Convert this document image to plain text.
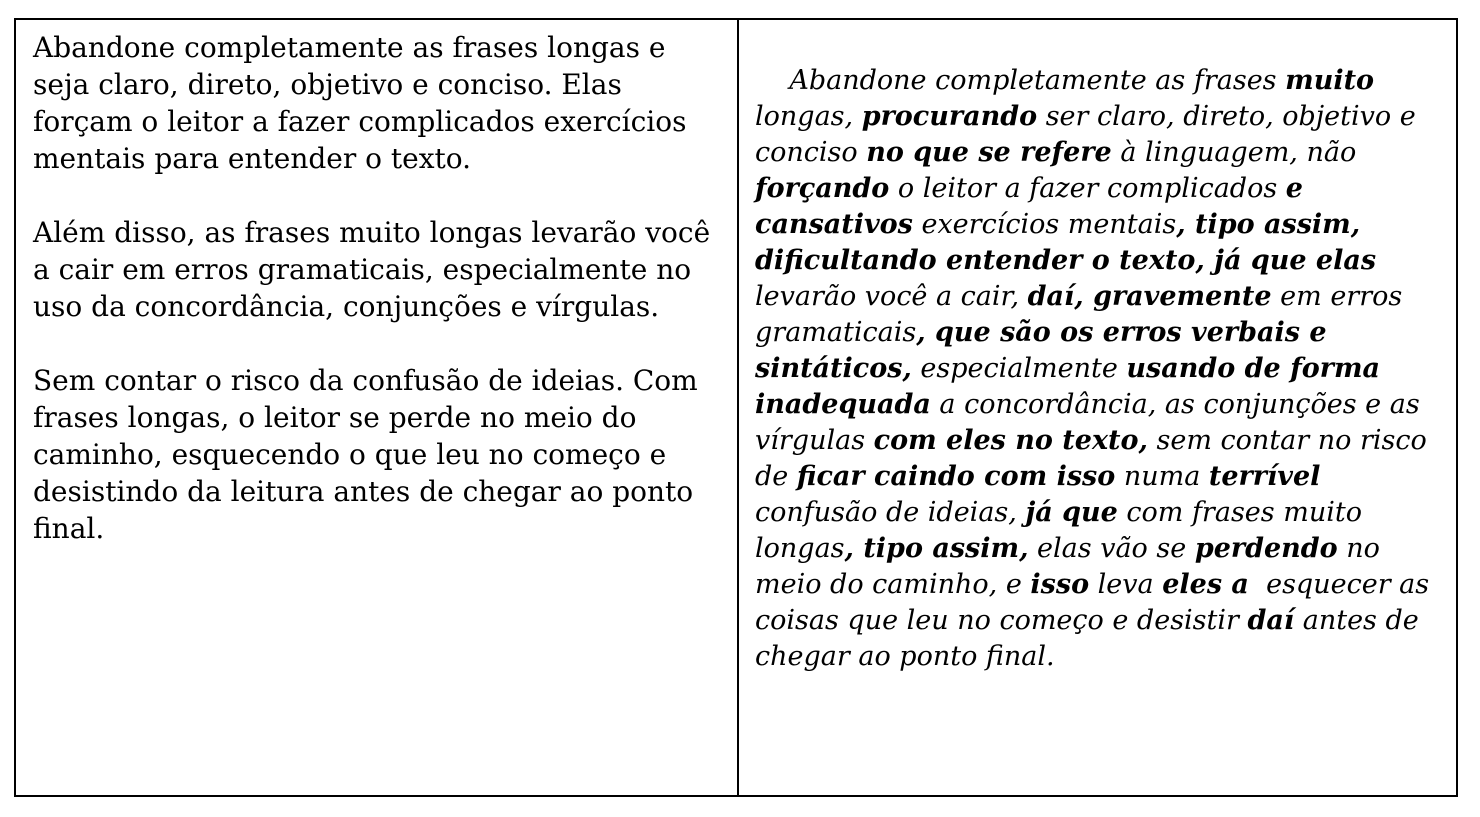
Abandone completamente as frases longas e seja claro, direto, objetivo e conciso. Elas forçam o leitor a fazer complicados exercícios mentais para entender o texto.

Além disso, as frases muito longas levarão você a cair em erros gramaticais, especialmente no uso da concordância, conjunções e vírgulas.

Sem contar o risco da confusão de ideias. Com frases longas, o leitor se perde no meio do caminho, esquecendo o que leu no começo e desistindo da leitura antes de chegar ao ponto final.

Abandone completamente as frases muito longas, procurando ser claro, direto, objetivo e conciso no que se refere à linguagem, não forçando o leitor a fazer complicados e cansativos exercícios mentais, tipo assim, dificultando entender o texto, já que elas levarão você a cair, daí, gravemente em erros gramaticais, que são os erros verbais e sintáticos, especialmente usando de forma inadequada a concordância, as conjunções e as vírgulas com eles no texto, sem contar no risco de ficar caindo com isso numa terrível confusão de ideias, já que com frases muito longas, tipo assim, elas vão se perdendo no meio do caminho, e isso leva eles a  esquecer as coisas que leu no começo e desistir daí antes de chegar ao ponto final.
